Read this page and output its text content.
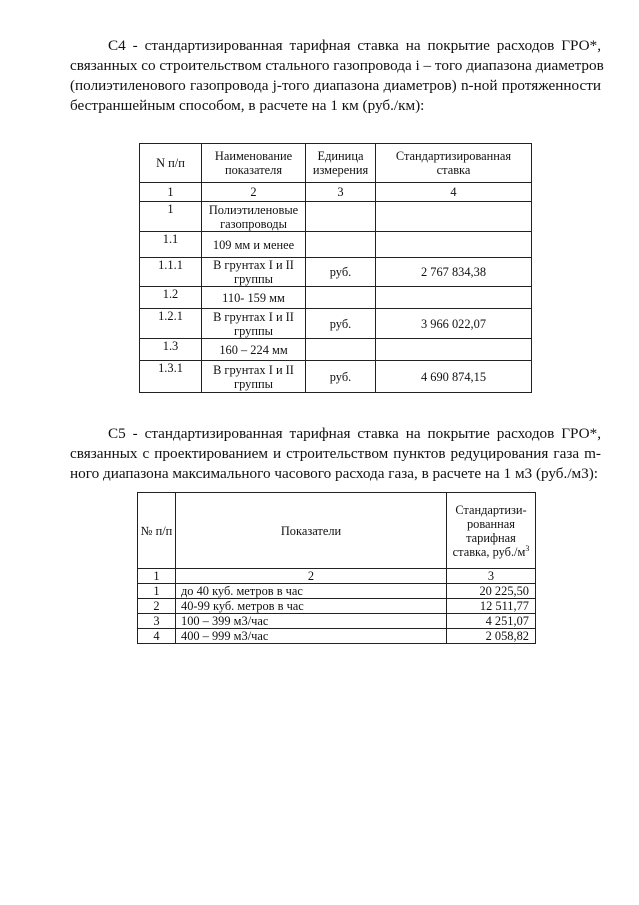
С4 - стандартизированная тарифная ставка на покрытие расходов ГРО*,
связанных со строительством стального газопровода i – того диапазона диаметров
(полиэтиленового газопровода j-того диапазона диаметров) n-ной протяженности
бестраншейным способом, в расчете на 1 км (руб./км):
N п/п	Наименование показателя	Единица измерения	Стандартизированная ставка
1	2	3	4
1	Полиэтиленовые газопроводы		
1.1	109 мм и менее		
1.1.1	В грунтах I и II группы	руб.	2 767 834,38
1.2	110- 159 мм		
1.2.1	В грунтах I и II группы	руб.	3 966 022,07
1.3	160 – 224 мм		
1.3.1	В грунтах I и II группы	руб.	4 690 874,15
С5 - стандартизированная тарифная ставка на покрытие расходов ГРО*,
связанных с проектированием и строительством пунктов редуцирования газа m-
ного диапазона максимального часового расхода газа, в расчете на 1 м3 (руб./м3):
№ п/п	Показатели	Стандартизи-рованная тарифная ставка, $руб./м^3$
1	2	3
1	до 40 куб. метров в час	20 225,50
2	40-99 куб. метров в час	12 511,77
3	100 – 399 м3/час	4 251,07
4	400 – 999 м3/час	2 058,82
